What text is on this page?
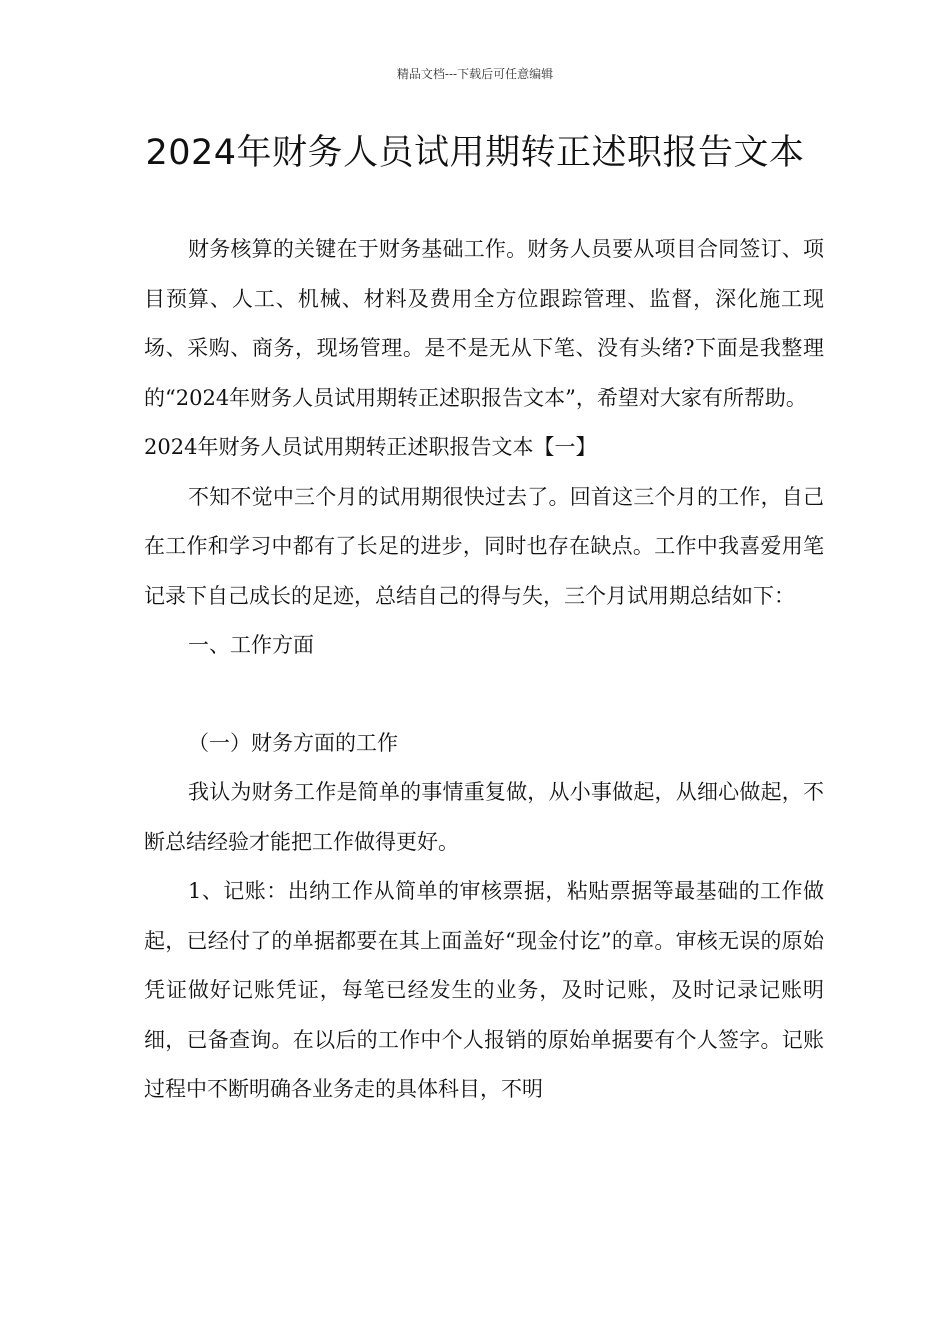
精品文档---下载后可任意编辑
2024年财务人员试用期转正述职报告文本

财务核算的关键在于财务基础工作。财务人员要从项目合同签订、项目预算、人工、机械、材料及费用全方位跟踪管理、监督，深化施工现场、采购、商务，现场管理。是不是无从下笔、没有头绪?下面是我整理的“2024年财务人员试用期转正述职报告文本”，希望对大家有所帮助。

2024年财务人员试用期转正述职报告文本【一】

不知不觉中三个月的试用期很快过去了。回首这三个月的工作，自己在工作和学习中都有了长足的进步，同时也存在缺点。工作中我喜爱用笔记录下自己成长的足迹，总结自己的得与失，三个月试用期总结如下：

一、工作方面

（一）财务方面的工作

我认为财务工作是简单的事情重复做，从小事做起，从细心做起，不断总结经验才能把工作做得更好。

1、记账：出纳工作从简单的审核票据，粘贴票据等最基础的工作做起，已经付了的单据都要在其上面盖好“现金付讫”的章。审核无误的原始凭证做好记账凭证，每笔已经发生的业务，及时记账，及时记录记账明细，已备查询。在以后的工作中个人报销的原始单据要有个人签字。记账过程中不断明确各业务走的具体科目，不明
